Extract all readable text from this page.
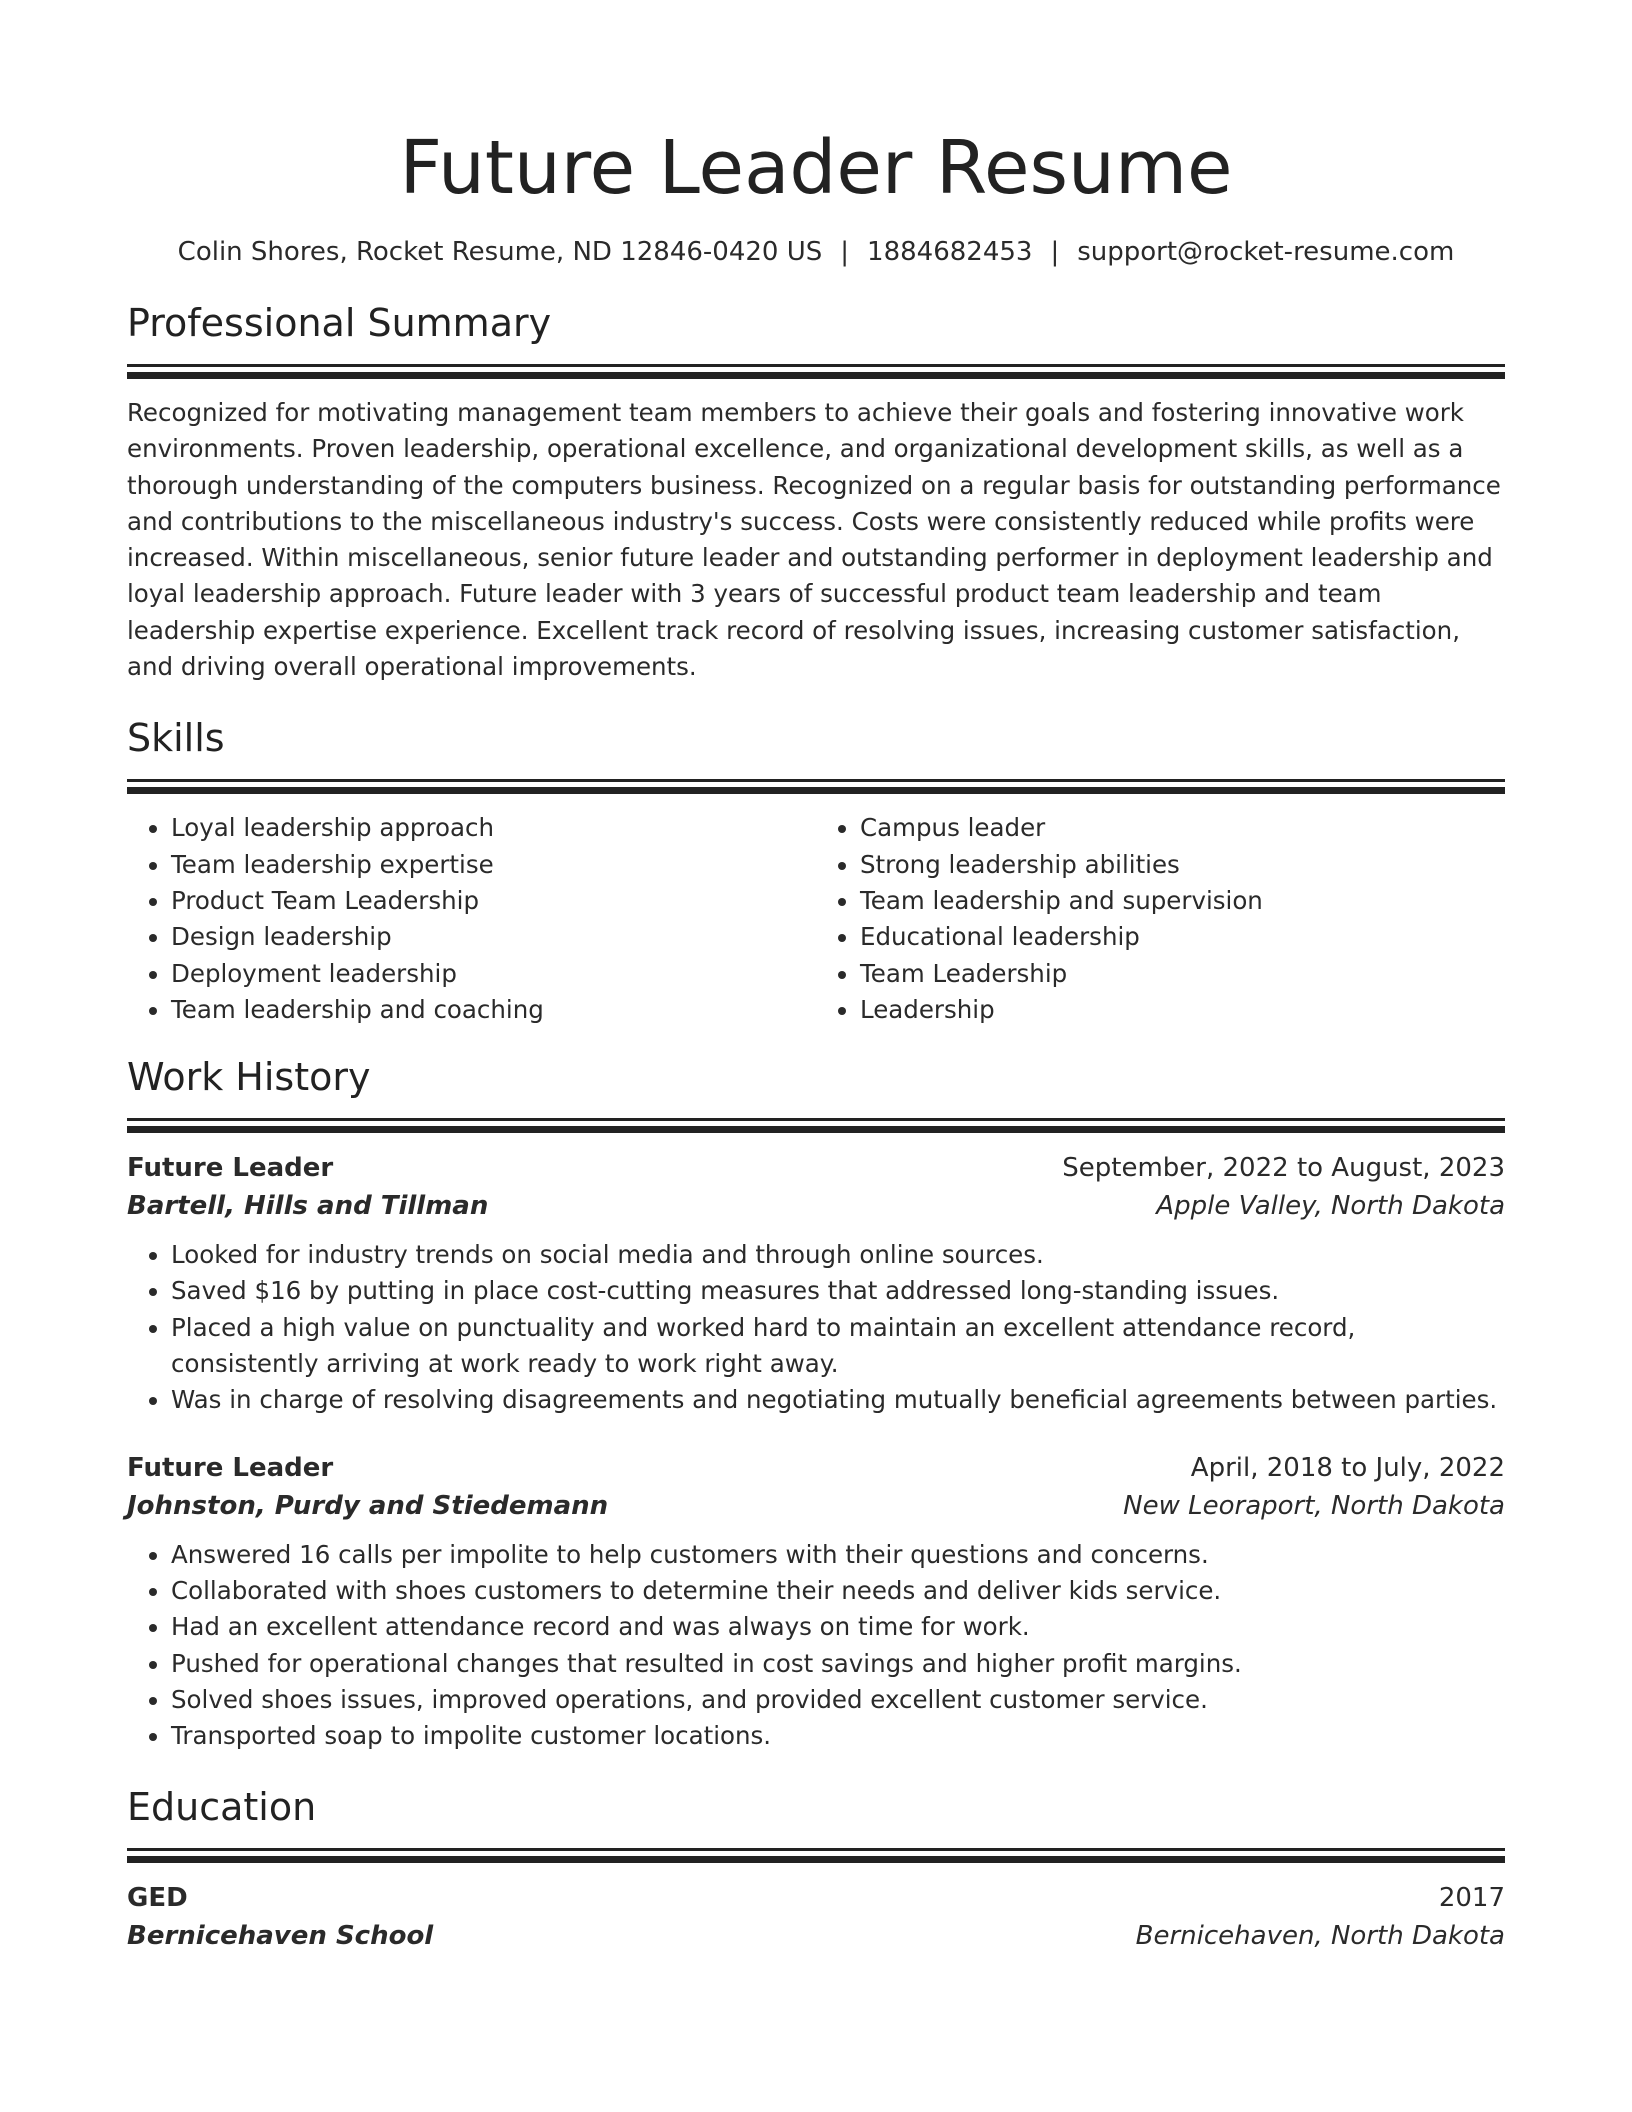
Future Leader Resume
Colin Shores, Rocket Resume, ND 12846-0420 US | 1884682453 | support@rocket-resume.com
Professional Summary

Recognized for motivating management team members to achieve their goals and fostering innovative work environments. Proven leadership, operational excellence, and organizational development skills, as well as a thorough understanding of the computers business. Recognized on a regular basis for outstanding performance and contributions to the miscellaneous industry's success. Costs were consistently reduced while profits were increased. Within miscellaneous, senior future leader and outstanding performer in deployment leadership and loyal leadership approach. Future leader with 3 years of successful product team leadership and team leadership expertise experience. Excellent track record of resolving issues, increasing customer satisfaction, and driving overall operational improvements.

Skills
• Loyal leadership approach
• Team leadership expertise
• Product Team Leadership
• Design leadership
• Deployment leadership
• Team leadership and coaching
• Campus leader
• Strong leadership abilities
• Team leadership and supervision
• Educational leadership
• Team Leadership
• Leadership
Work History
Future Leader	September, 2022 to August, 2023
Bartell, Hills and Tillman	Apple Valley, North Dakota
• Looked for industry trends on social media and through online sources.
• Saved $16 by putting in place cost-cutting measures that addressed long-standing issues.
• Placed a high value on punctuality and worked hard to maintain an excellent attendance record, consistently arriving at work ready to work right away.
• Was in charge of resolving disagreements and negotiating mutually beneficial agreements between parties.
Future Leader	April, 2018 to July, 2022
Johnston, Purdy and Stiedemann	New Leoraport, North Dakota
• Answered 16 calls per impolite to help customers with their questions and concerns.
• Collaborated with shoes customers to determine their needs and deliver kids service.
• Had an excellent attendance record and was always on time for work.
• Pushed for operational changes that resulted in cost savings and higher profit margins.
• Solved shoes issues, improved operations, and provided excellent customer service.
• Transported soap to impolite customer locations.
Education
GED	2017
Bernicehaven School	Bernicehaven, North Dakota
